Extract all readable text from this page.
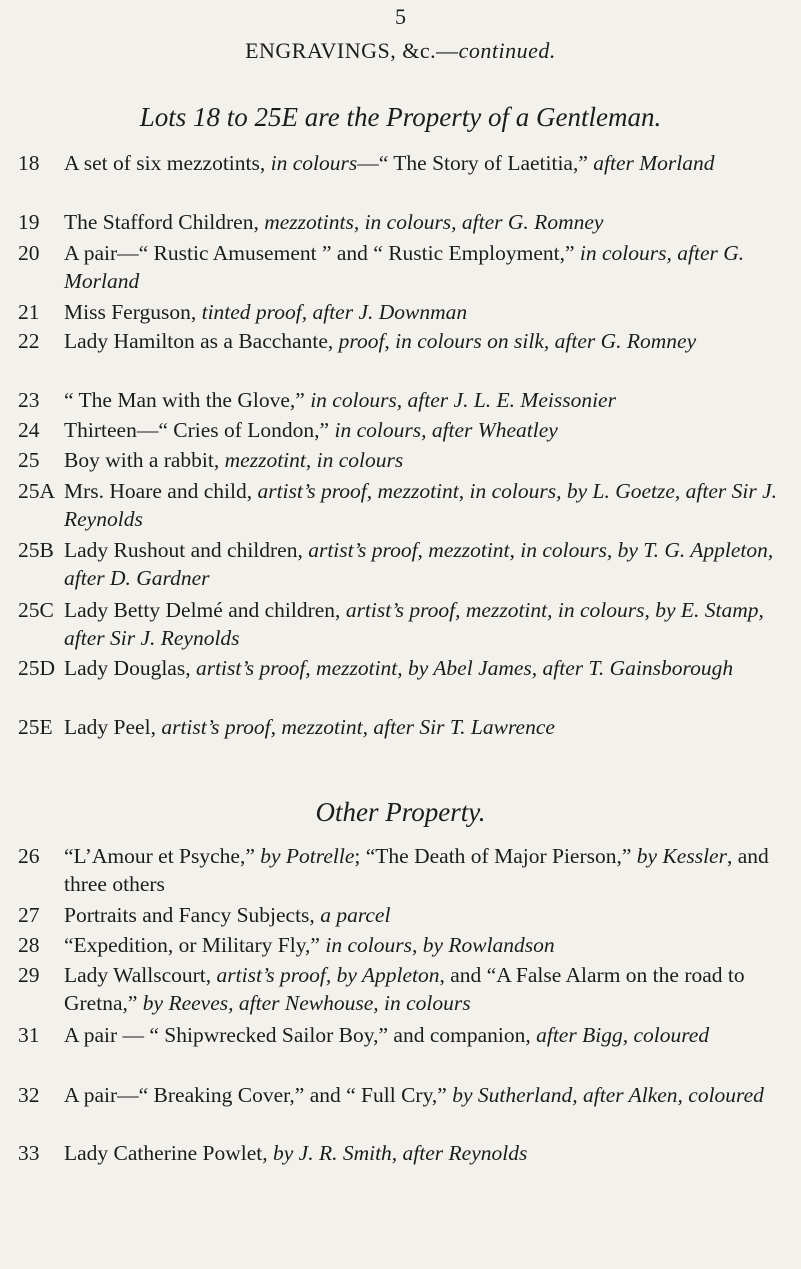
5
ENGRAVINGS, &c.—continued.
Lots 18 to 25E are the Property of a Gentleman.
18	A set of six mezzotints, in colours—“ The Story of Laetitia,” after Morland
19	The Stafford Children, mezzotints, in colours, after G. Romney
20	A pair—“ Rustic Amusement ” and “ Rustic Employment,” in colours, after G. Morland
21	Miss Ferguson, tinted proof, after J. Downman
22	Lady Hamilton as a Bacchante, proof, in colours on silk, after G. Romney
23	“ The Man with the Glove,” in colours, after J. L. E. Meissonier
24	Thirteen—“ Cries of London,” in colours, after Wheatley
25	Boy with a rabbit, mezzotint, in colours
25A Mrs. Hoare and child, artist’s proof, mezzotint, in colours, by L. Goetze, after Sir J. Reynolds
25B Lady Rushout and children, artist’s proof, mezzotint, in colours, by T. G. Appleton, after D. Gardner
25C Lady Betty Delmé and children, artist’s proof, mezzotint, in colours, by E. Stamp, after Sir J. Reynolds
25D Lady Douglas, artist’s proof, mezzotint, by Abel James, after T. Gainsborough
25E Lady Peel, artist’s proof, mezzotint, after Sir T. Lawrence
Other Property.
26	“L’Amour et Psyche,” by Potrelle; “The Death of Major Pierson,” by Kessler, and three others
27	Portraits and Fancy Subjects, a parcel
28	“Expedition, or Military Fly,” in colours, by Rowlandson
29	Lady Wallscourt, artist’s proof, by Appleton, and “A False Alarm on the road to Gretna,” by Reeves, after Newhouse, in colours
31	A pair — “ Shipwrecked Sailor Boy,” and companion, after Bigg, coloured
32	A pair—“ Breaking Cover,” and “ Full Cry,” by Sutherland, after Alken, coloured
33	Lady Catherine Powlet, by J. R. Smith, after Reynolds
